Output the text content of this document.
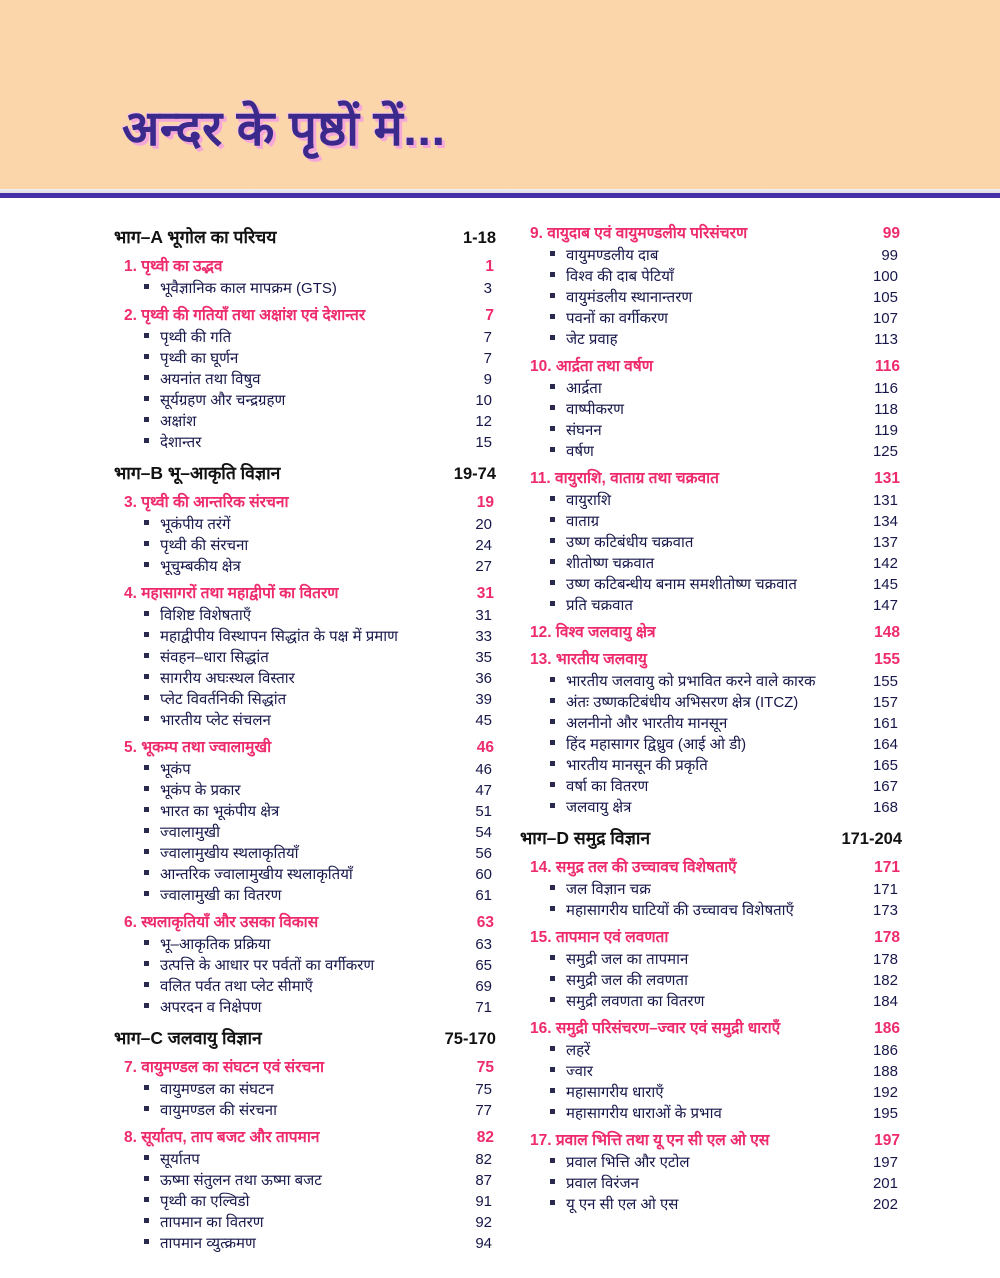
अन्दर के पृष्ठों में...
भाग–A भूगोल का परिचय	1-18
1. पृथ्वी का उद्भव	1
भूवैज्ञानिक काल मापक्रम (GTS)	3
2. पृथ्वी की गतियाँ तथा अक्षांश एवं देशान्तर	7
पृथ्वी की गति	7
पृथ्वी का घूर्णन	7
अयनांत तथा विषुव	9
सूर्यग्रहण और चन्द्रग्रहण	10
अक्षांश	12
देशान्तर	15
भाग–B भू–आकृति विज्ञान	19-74
3. पृथ्वी की आन्तरिक संरचना	19
भूकंपीय तरंगें	20
पृथ्वी की संरचना	24
भूचुम्बकीय क्षेत्र	27
4. महासागरों तथा महाद्वीपों का वितरण	31
विशिष्ट विशेषताएँ	31
महाद्वीपीय विस्थापन सिद्धांत के पक्ष में प्रमाण	33
संवहन–धारा सिद्धांत	35
सागरीय अघःस्थल विस्तार	36
प्लेट विवर्तनिकी सिद्धांत	39
भारतीय प्लेट संचलन	45
5. भूकम्प तथा ज्वालामुखी	46
भूकंप	46
भूकंप के प्रकार	47
भारत का भूकंपीय क्षेत्र	51
ज्वालामुखी	54
ज्वालामुखीय स्थलाकृतियाँ	56
आन्तरिक ज्वालामुखीय स्थलाकृतियाँ	60
ज्वालामुखी का वितरण	61
6. स्थलाकृतियाँ और उसका विकास	63
भू–आकृतिक प्रक्रिया	63
उत्पत्ति के आधार पर पर्वतों का वर्गीकरण	65
वलित पर्वत तथा प्लेट सीमाएँ	69
अपरदन व निक्षेपण	71
भाग–C जलवायु विज्ञान	75-170
7. वायुमण्डल का संघटन एवं संरचना	75
वायुमण्डल का संघटन	75
वायुमण्डल की संरचना	77
8. सूर्यातप, ताप बजट और तापमान	82
सूर्यातप	82
ऊष्मा संतुलन तथा ऊष्मा बजट	87
पृथ्वी का एल्विडो	91
तापमान का वितरण	92
तापमान व्युत्क्रमण	94
9. वायुदाब एवं वायुमण्डलीय परिसंचरण	99
वायुमण्डलीय दाब	99
विश्व की दाब पेटियाँ	100
वायुमंडलीय स्थानान्तरण	105
पवनों का वर्गीकरण	107
जेट प्रवाह	113
10. आर्द्रता तथा वर्षण	116
आर्द्रता	116
वाष्पीकरण	118
संघनन	119
वर्षण	125
11. वायुराशि, वाताग्र तथा चक्रवात	131
वायुराशि	131
वाताग्र	134
उष्ण कटिबंधीय चक्रवात	137
शीतोष्ण चक्रवात	142
उष्ण कटिबन्धीय बनाम समशीतोष्ण चक्रवात	145
प्रति चक्रवात	147
12. विश्व जलवायु क्षेत्र	148
13. भारतीय जलवायु	155
भारतीय जलवायु को प्रभावित करने वाले कारक	155
अंतः उष्णकटिबंधीय अभिसरण क्षेत्र (ITCZ)	157
अलनीनो और भारतीय मानसून	161
हिंद महासागर द्विध्रुव (आई ओ डी)	164
भारतीय मानसून की प्रकृति	165
वर्षा का वितरण	167
जलवायु क्षेत्र	168
भाग–D समुद्र विज्ञान	171-204
14. समुद्र तल की उच्चावच विशेषताएँ	171
जल विज्ञान चक्र	171
महासागरीय घाटियों की उच्चावच विशेषताएँ	173
15. तापमान एवं लवणता	178
समुद्री जल का तापमान	178
समुद्री जल की लवणता	182
समुद्री लवणता का वितरण	184
16. समुद्री परिसंचरण–ज्वार एवं समुद्री धाराएँ	186
लहरें	186
ज्वार	188
महासागरीय धाराएँ	192
महासागरीय धाराओं के प्रभाव	195
17. प्रवाल भित्ति तथा यू एन सी एल ओ एस	197
प्रवाल भित्ति और एटोल	197
प्रवाल विरंजन	201
यू एन सी एल ओ एस	202
